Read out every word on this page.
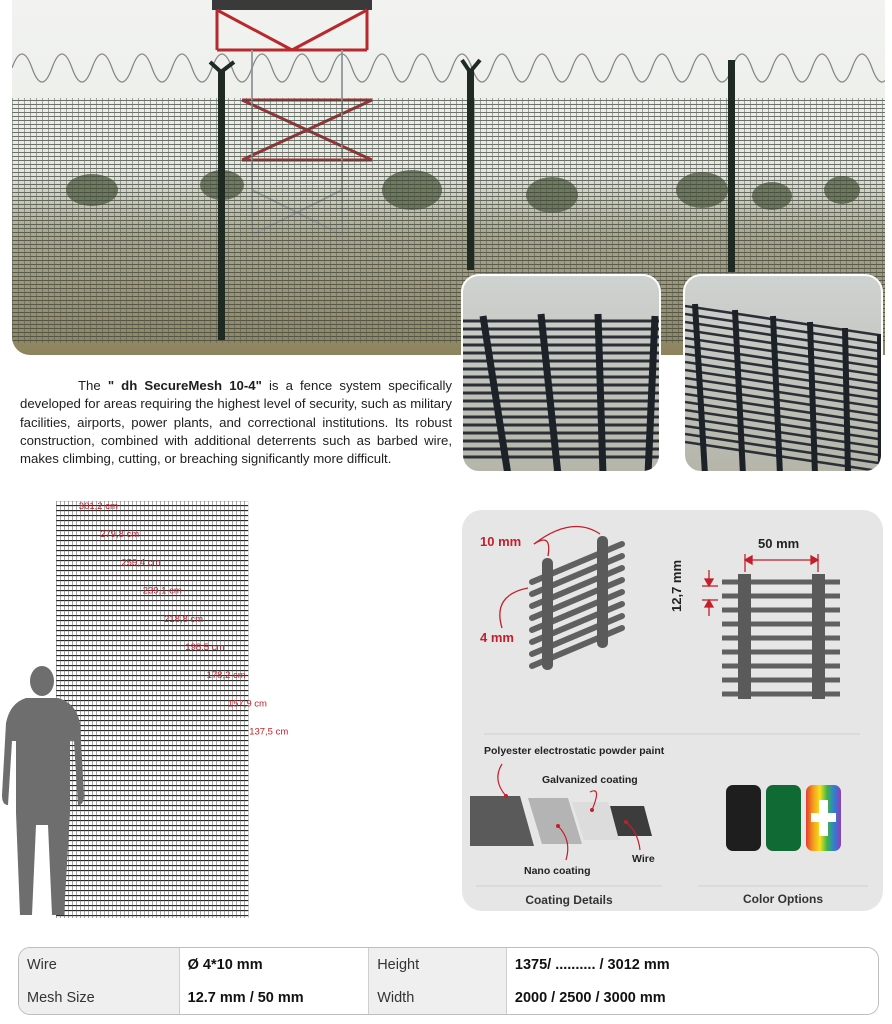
The " dh SecureMesh 10-4" is a fence system specifically developed for areas requiring the highest level of security, such as military facilities, airports, power plants, and correctional institutions. Its robust construction, combined with additional deterrents such as barbed wire, makes climbing, cutting, or breaching significantly more difficult.

301,2 cm
279,8 cm
259,4 cm
239,1 cm
218,8 cm
198,5 cm
178,2 cm
157,9 cm
137,5 cm
10 mm
4 mm
12,7 mm
50 mm
Polyester electrostatic powder paint
Galvanized coating
Nano coating
Wire
Coating Details	Color Options
Wire	Ø 4*10 mm	Height	1375/ .......... / 3012 mm
Mesh Size	12.7 mm / 50 mm	Width	2000 / 2500 / 3000 mm
